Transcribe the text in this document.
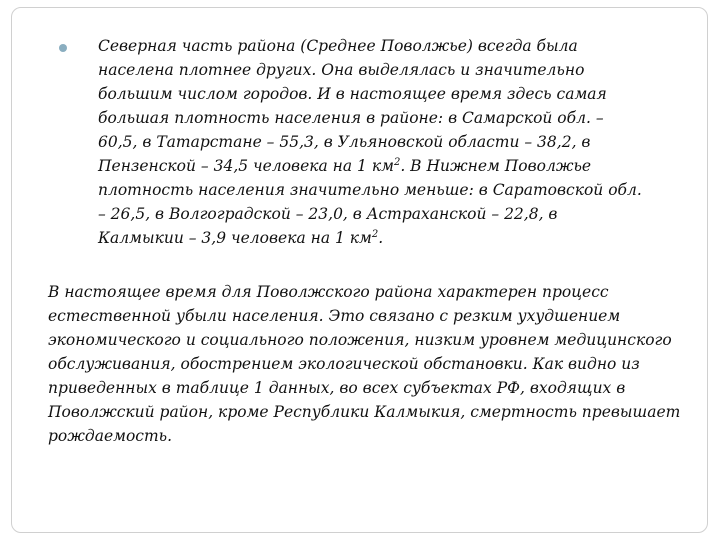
Северная часть района (Среднее Поволжье) всегда была населена плотнее других. Она выделялась и значительно большим числом городов. И в настоящее время здесь самая большая плотность населения в районе: в Самарской обл. – 60,5, в Татарстане – 55,3, в Ульяновской области – 38,2, в Пензенской – 34,5 человека на 1 $км^2$. В Нижнем Поволжье плотность населения значительно меньше: в Саратовской обл. – 26,5, в Волгоградской – 23,0, в Астраханской – 22,8, в Калмыкии – 3,9 человека на 1 $км^2$.

В настоящее время для Поволжского района характерен процесс естественной убыли населения. Это связано с резким ухудшением экономического и социального положения, низким уровнем медицинского обслуживания, обострением экологической обстановки. Как видно из приведенных в таблице 1 данных, во всех субъектах РФ, входящих в Поволжский район, кроме Республики Калмыкия, смертность превышает рождаемость.
